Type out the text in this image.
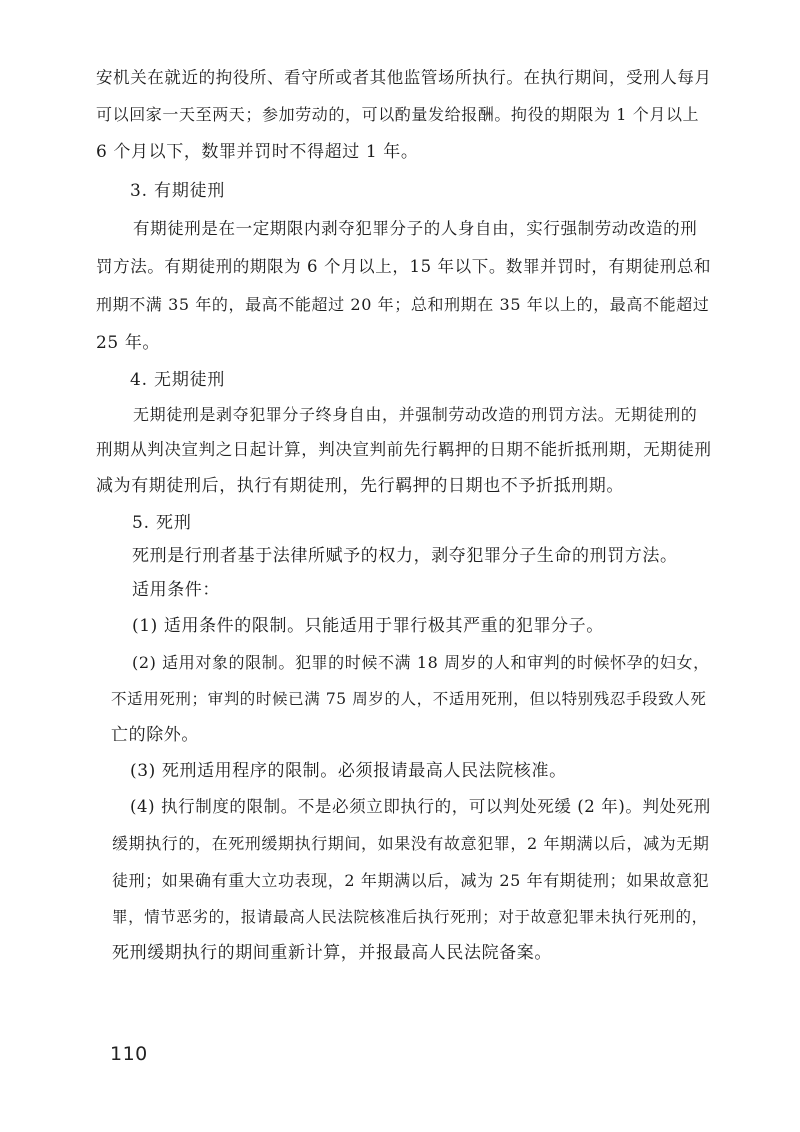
安机关在就近的拘役所、看守所或者其他监管场所执行。在执行期间，受刑人每月
可以回家一天至两天；参加劳动的，可以酌量发给报酬。拘役的期限为 1 个月以上
6 个月以下，数罪并罚时不得超过 1 年。
3. 有期徒刑
有期徒刑是在一定期限内剥夺犯罪分子的人身自由，实行强制劳动改造的刑
罚方法。有期徒刑的期限为 6 个月以上，15 年以下。数罪并罚时，有期徒刑总和
刑期不满 35 年的，最高不能超过 20 年；总和刑期在 35 年以上的，最高不能超过
25 年。
4. 无期徒刑
无期徒刑是剥夺犯罪分子终身自由，并强制劳动改造的刑罚方法。无期徒刑的
刑期从判决宣判之日起计算，判决宣判前先行羁押的日期不能折抵刑期，无期徒刑
减为有期徒刑后，执行有期徒刑，先行羁押的日期也不予折抵刑期。
5. 死刑
死刑是行刑者基于法律所赋予的权力，剥夺犯罪分子生命的刑罚方法。
适用条件：
(1) 适用条件的限制。只能适用于罪行极其严重的犯罪分子。
(2) 适用对象的限制。犯罪的时候不满 18 周岁的人和审判的时候怀孕的妇女，
不适用死刑；审判的时候已满 75 周岁的人，不适用死刑，但以特别残忍手段致人死
亡的除外。
(3) 死刑适用程序的限制。必须报请最高人民法院核准。
(4) 执行制度的限制。不是必须立即执行的，可以判处死缓 (2 年)。判处死刑
缓期执行的，在死刑缓期执行期间，如果没有故意犯罪，2 年期满以后，减为无期
徒刑；如果确有重大立功表现，2 年期满以后，减为 25 年有期徒刑；如果故意犯
罪，情节恶劣的，报请最高人民法院核准后执行死刑；对于故意犯罪未执行死刑的，
死刑缓期执行的期间重新计算，并报最高人民法院备案。
110
